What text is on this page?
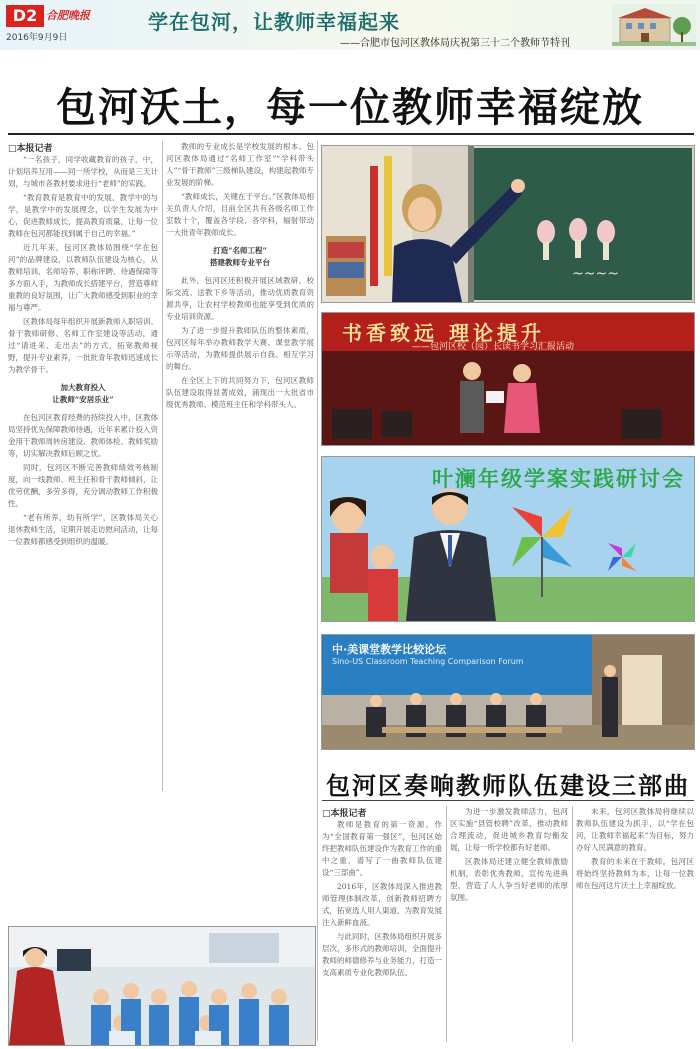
D2 合肥晚报
2016年9月9日
学在包河，让教师幸福起来
——合肥市包河区教体局庆祝第三十二个教师节特刊
包河沃土，每一位教师幸福绽放
□本报记者

“一名孩子，同学收藏教育的孩子，中，计划培养互用——同一所学校，从而是三天计划，与城市各教材要求进行“老师”的实践。

“教育教育是教育中的发展，教学中的与学，是教学中的发展理念，以学生发展为中心，促进教师成长，提高教育质量，让每一位教师在包河都能找到属于自己的幸福。”

近几年来，包河区教体局围绕“学在包河”的品牌建设，以教师队伍建设为核心，从教师培训、名师培养、职称评聘、待遇保障等多方面入手，为教师成长搭建平台，营造尊师重教的良好氛围，让广大教师感受到职业的幸福与尊严。

区教体局每年组织开展新教师入职培训、骨干教师研修、名师工作室建设等活动，通过“请进来、走出去”的方式，拓宽教师视野，提升专业素养，一批批青年教师迅速成长为教学骨干。

加大教育投入
让教师“安居乐业”

在包河区教育经费的持续投入中，区教体局坚持优先保障教师待遇，近年来累计投入资金用于教师周转房建设、教师体检、教师奖励等，切实解决教师后顾之忧。

同时，包河区不断完善教师绩效考核制度，向一线教师、班主任和骨干教师倾斜，让优劳优酬，多劳多得，充分调动教师工作积极性。

“老有所养，幼有所学”，区教体局关心退休教师生活，定期开展走访慰问活动，让每一位教师都感受到组织的温暖。

教师的专业成长是学校发展的根本。包河区教体局通过“名师工作室”“学科带头人”“骨干教师”三级梯队建设，构建起教师专业发展的阶梯。

“教师成长，关键在于平台。”区教体局相关负责人介绍，目前全区共有各级名师工作室数十个，覆盖各学段、各学科，辐射带动一大批青年教师成长。

打造“名师工程”
搭建教师专业平台

此外，包河区还积极开展区域教研、校际交流、送教下乡等活动，推动优质教育资源共享，让农村学校教师也能享受到优质的专业培训资源。

为了进一步提升教师队伍的整体素质，包河区每年举办教师教学大赛、课堂教学展示等活动，为教师提供展示自我、相互学习的舞台。

在全区上下的共同努力下，包河区教师队伍建设取得显著成效，涌现出一大批省市级优秀教师、模范班主任和学科带头人。

~~~~
书香致远 理论提升
——包河区校（园）长读书学习汇报活动
叶澜年级学案实践研讨会
中·美课堂教学比较论坛
Sino-US Classroom Teaching Comparison Forum
包河区奏响教师队伍建设三部曲
□本报记者

教师是教育的第一资源。作为“全国教育第一强区”，包河区始终把教师队伍建设作为教育工作的重中之重，谱写了一曲教师队伍建设“三部曲”。

2016年，区教体局深入推进教师管理体制改革，创新教师招聘方式，拓宽选人用人渠道，为教育发展注入新鲜血液。

与此同时，区教体局组织开展多层次、多形式的教师培训，全面提升教师的师德修养与业务能力，打造一支高素质专业化教师队伍。

为进一步激发教师活力，包河区实施“县管校聘”改革，推动教师合理流动，促进城乡教育均衡发展，让每一所学校都有好老师。

区教体局还建立健全教师激励机制，表彰优秀教师，宣传先进典型，营造了人人争当好老师的浓厚氛围。

未来，包河区教体局将继续以教师队伍建设为抓手，以“学在包河，让教师幸福起来”为目标，努力办好人民满意的教育。

教育的未来在于教师。包河区将始终坚持教师为本，让每一位教师在包河这片沃土上幸福绽放。
